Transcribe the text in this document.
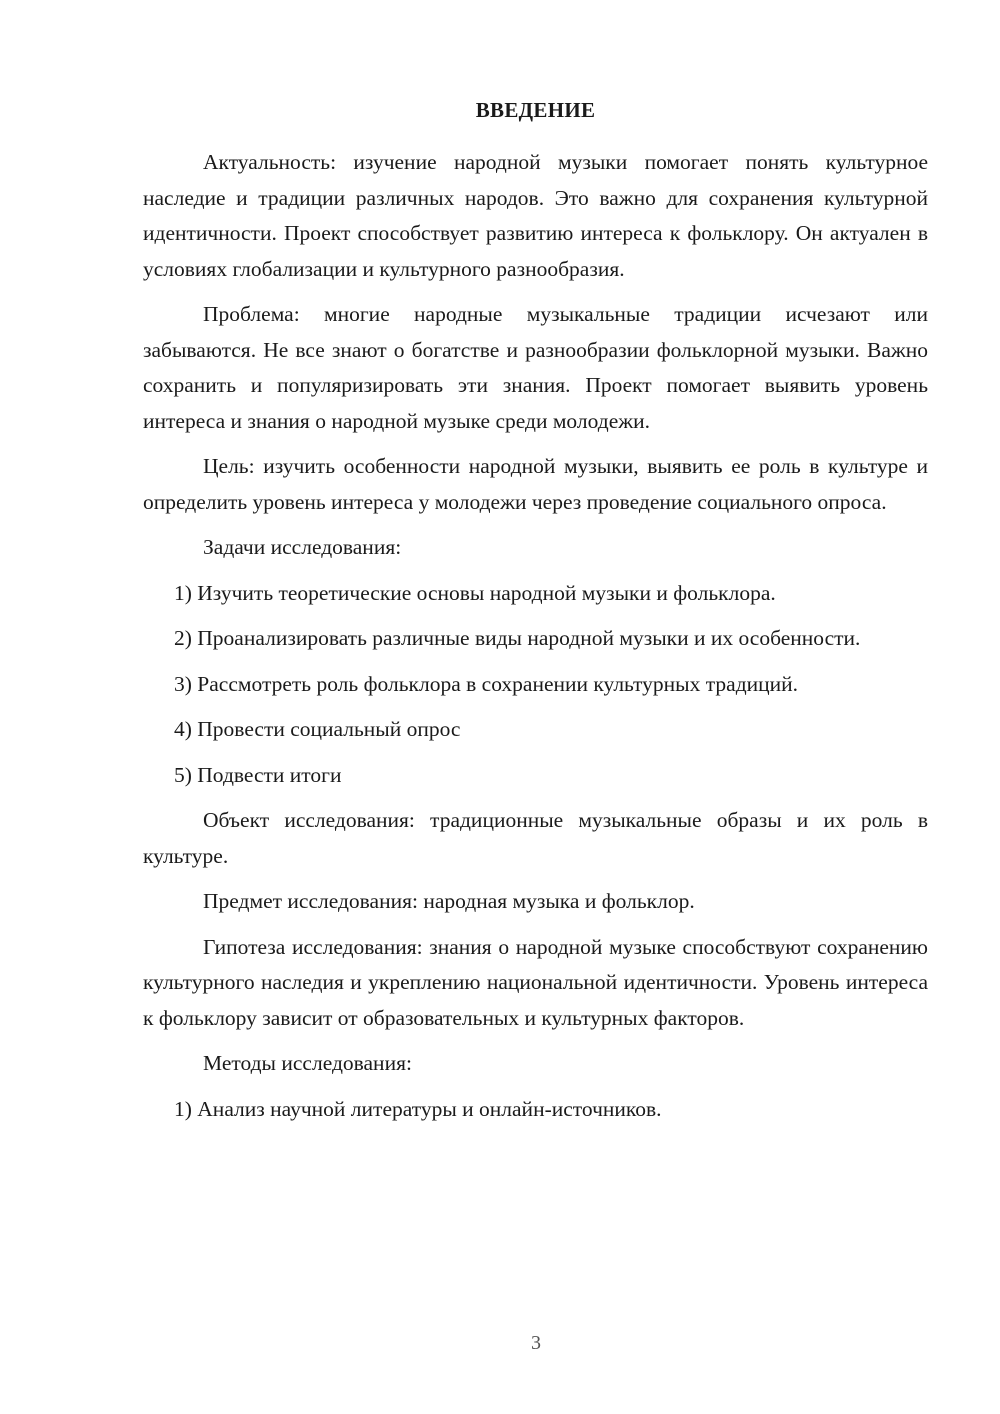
ВВЕДЕНИЕ

Актуальность: изучение народной музыки помогает понять культурное наследие и традиции различных народов. Это важно для сохранения культурной идентичности. Проект способствует развитию интереса к фольклору. Он актуален в условиях глобализации и культурного разнообразия.

Проблема: многие народные музыкальные традиции исчезают или забываются. Не все знают о богатстве и разнообразии фольклорной музыки. Важно сохранить и популяризировать эти знания. Проект помогает выявить уровень интереса и знания о народной музыке среди молодежи.

Цель: изучить особенности народной музыки, выявить ее роль в культуре и определить уровень интереса у молодежи через проведение социального опроса.

Задачи исследования:

1) Изучить теоретические основы народной музыки и фольклора.

2) Проанализировать различные виды народной музыки и их особенности.

3) Рассмотреть роль фольклора в сохранении культурных традиций.

4) Провести социальный опрос

5) Подвести итоги

Объект исследования: традиционные музыкальные образы и их роль в культуре.

Предмет исследования: народная музыка и фольклор.

Гипотеза исследования: знания о народной музыке способствуют сохранению культурного наследия и укреплению национальной идентичности. Уровень интереса к фольклору зависит от образовательных и культурных факторов.

Методы исследования:

1) Анализ научной литературы и онлайн-источников.

3
